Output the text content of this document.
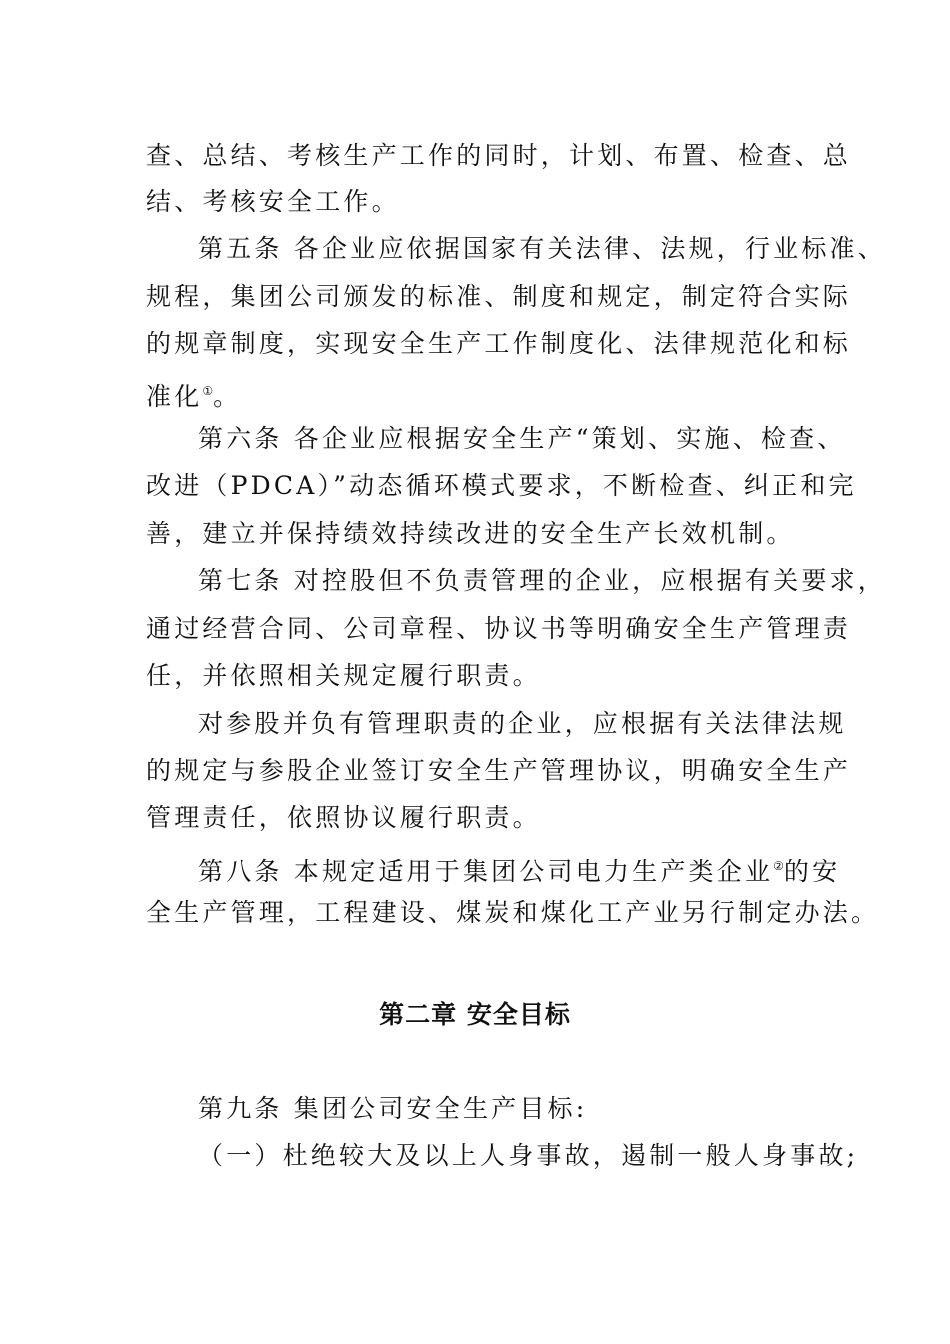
查、总结、考核生产工作的同时，计划、布置、检查、总
结、考核安全工作。
第五条 各企业应依据国家有关法律、法规，行业标准、
规程，集团公司颁发的标准、制度和规定，制定符合实际
的规章制度，实现安全生产工作制度化、法律规范化和标
准化①。
第六条 各企业应根据安全生产“策划、实施、检查、
改进（PDCA）”动态循环模式要求，不断检查、纠正和完
善，建立并保持绩效持续改进的安全生产长效机制。
第七条 对控股但不负责管理的企业，应根据有关要求，
通过经营合同、公司章程、协议书等明确安全生产管理责
任，并依照相关规定履行职责。
对参股并负有管理职责的企业，应根据有关法律法规
的规定与参股企业签订安全生产管理协议，明确安全生产
管理责任，依照协议履行职责。
第八条 本规定适用于集团公司电力生产类企业②的安
全生产管理，工程建设、煤炭和煤化工产业另行制定办法。
第二章 安全目标
第九条 集团公司安全生产目标:
（一）杜绝较大及以上人身事故，遏制一般人身事故;
